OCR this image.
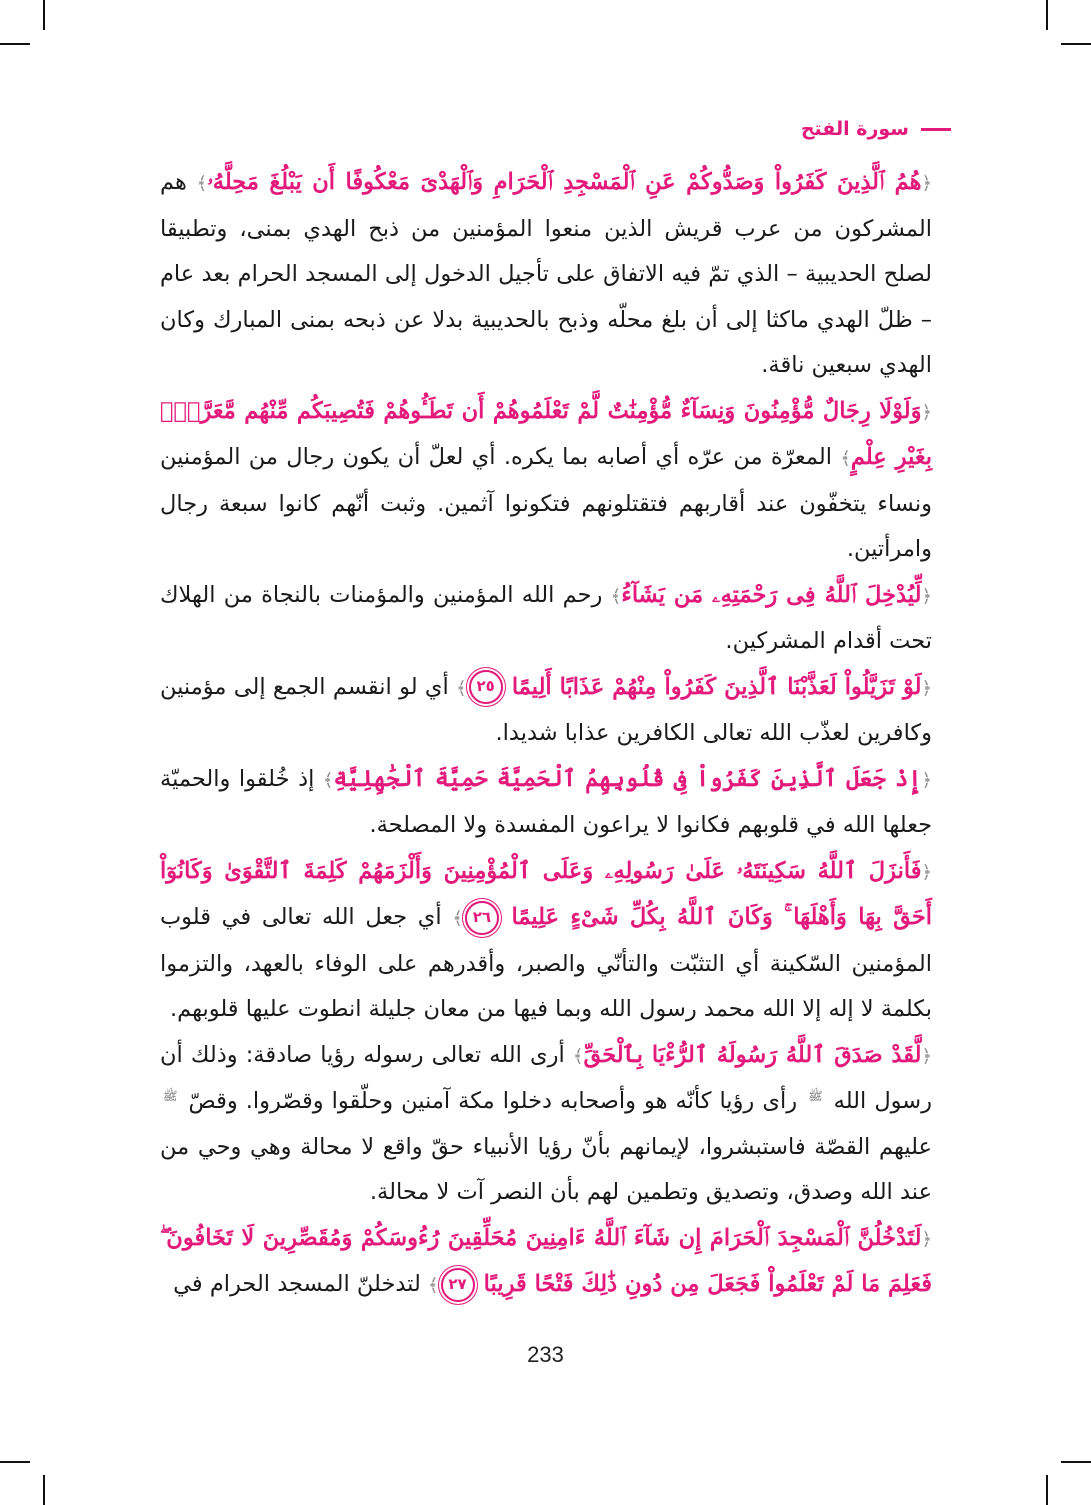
سورة الفتح

﴿هُمُ ٱلَّذِينَ كَفَرُواْ وَصَدُّوكُمْ عَنِ ٱلْمَسْجِدِ ٱلْحَرَامِ وَٱلْهَدْىَ مَعْكُوفًا أَن يَبْلُغَ مَحِلَّهُۥ﴾ هم المشركون من عرب قريش الذين منعوا المؤمنين من ذبح الهدي بمنى، وتطبيقا لصلح الحديبية – الذي تمّ فيه الاتفاق على تأجيل الدخول إلى المسجد الحرام بعد عام – ظلّ الهدي ماكثا إلى أن بلغ محلّه وذبح بالحديبية بدلا عن ذبحه بمنى المبارك وكان الهدي سبعين ناقة.

﴿وَلَوْلَا رِجَالٌ مُّؤْمِنُونَ وَنِسَآءٌ مُّؤْمِنَٰتٌ لَّمْ تَعْلَمُوهُمْ أَن تَطَـُٔوهُمْ فَتُصِيبَكُم مِّنْهُم مَّعَرَّةٌۢ بِغَيْرِ عِلْمٍ﴾ المعرّة من عرّه أي أصابه بما يكره. أي لعلّ أن يكون رجال من المؤمنين ونساء يتخفّون عند أقاربهم فتقتلونهم فتكونوا آثمين. وثبت أنّهم كانوا سبعة رجال وامرأتين.

﴿لِّيُدْخِلَ ٱللَّهُ فِى رَحْمَتِهِۦ مَن يَشَآءُ﴾ رحم الله المؤمنين والمؤمنات بالنجاة من الهلاك تحت أقدام المشركين.

﴿لَوْ تَزَيَّلُواْ لَعَذَّبْنَا ٱلَّذِينَ كَفَرُواْ مِنْهُمْ عَذَابًا أَلِيمًا ٢٥﴾ أي لو انقسم الجمع إلى مؤمنين وكافرين لعذّب الله تعالى الكافرين عذابا شديدا.

﴿إِذْ جَعَلَ ٱلَّذِينَ كَفَرُواْ فِى قُلُوبِهِمُ ٱلْحَمِيَّةَ حَمِيَّةَ ٱلْجَٰهِلِيَّةِ﴾ إذ خُلقوا والحميّة جعلها الله في قلوبهم فكانوا لا يراعون المفسدة ولا المصلحة.

﴿فَأَنزَلَ ٱللَّهُ سَكِينَتَهُۥ عَلَىٰ رَسُولِهِۦ وَعَلَى ٱلْمُؤْمِنِينَ وَأَلْزَمَهُمْ كَلِمَةَ ٱلتَّقْوَىٰ وَكَانُوٓاْ أَحَقَّ بِهَا وَأَهْلَهَا ۚ وَكَانَ ٱللَّهُ بِكُلِّ شَىْءٍ عَلِيمًا ٢٦﴾ أي جعل الله تعالى في قلوب المؤمنين السّكينة أي التثبّت والتأنّي والصبر، وأقدرهم على الوفاء بالعهد، والتزموا بكلمة لا إله إلا الله محمد رسول الله وبما فيها من معان جليلة انطوت عليها قلوبهم.

﴿لَّقَدْ صَدَقَ ٱللَّهُ رَسُولَهُ ٱلرُّءْيَا بِٱلْحَقِّ﴾ أرى الله تعالى رسوله رؤيا صادقة: وذلك أن رسول الله ﷺ رأى رؤيا كأنّه هو وأصحابه دخلوا مكة آمنين وحلّقوا وقصّروا. وقصّ ﷺ عليهم القصّة فاستبشروا، لإيمانهم بأنّ رؤيا الأنبياء حقّ واقع لا محالة وهي وحي من عند الله وصدق، وتصديق وتطمين لهم بأن النصر آت لا محالة.

﴿لَتَدْخُلُنَّ ٱلْمَسْجِدَ ٱلْحَرَامَ إِن شَآءَ ٱللَّهُ ءَامِنِينَ مُحَلِّقِينَ رُءُوسَكُمْ وَمُقَصِّرِينَ لَا تَخَافُونَ ۖ فَعَلِمَ مَا لَمْ تَعْلَمُواْ فَجَعَلَ مِن دُونِ ذَٰلِكَ فَتْحًا قَرِيبًا ٢٧﴾ لتدخلنّ المسجد الحرام في

233
